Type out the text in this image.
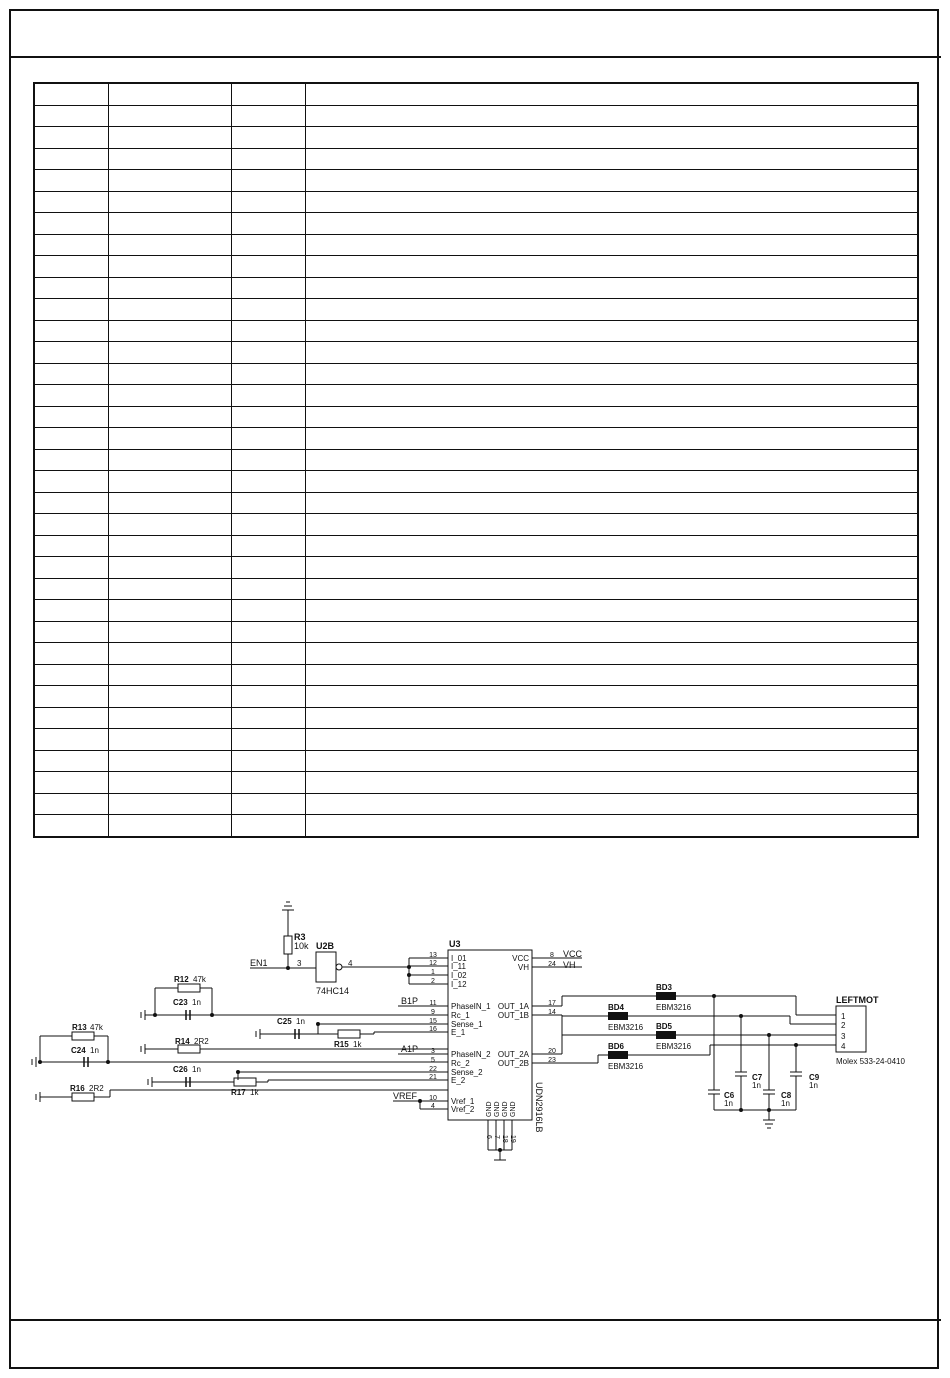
U3
U2B
74HC14
3	4
R3
10k
EN1
B1P
A1P
VREF
VCC
VH
I_01
13
I_11
12
I_02
1
I_12
2
PhaseIN_1
11
Rc_1
9
Sense_1
15
E_1
16
PhaseIN_2
3
Rc_2
5
Sense_2
22
E_2
21
Vref_1
10
Vref_2
4
VCC	8
VH	24
OUT_1A	17
OUT_1B	14
OUT_2A	20
OUT_2B	23
GND
6
GND
7
GND
18
GND
19
UDN2916LB
R12 47k
R13 47k
R14 2R2	R15 1k
R16 2R2	R17 1k
C23 1n
C24 1n
C25 1n
C26 1n
C6
1n
C7
1n
C8
1n
C9
1n
BD3
EBM3216
BD4
EBM3216 BD5
EBM3216
BD6
EBM3216
LEFTMOT
Molex 533-24-0410
1
2
3
4
